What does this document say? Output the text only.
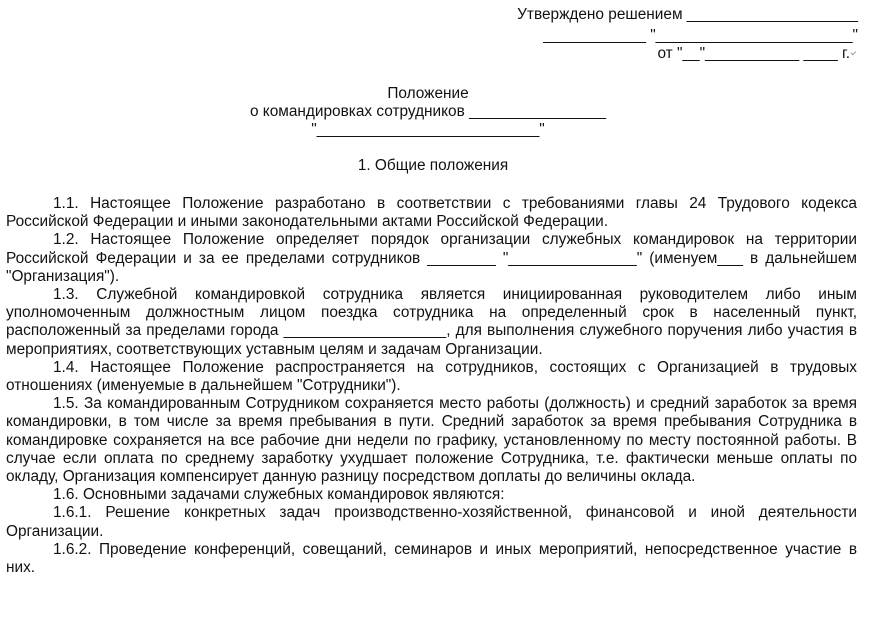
Утверждено решением ____________________
____________ "_______________________"
от "__"___________ ____ г.
Положение
о командировках сотрудников ________________
"__________________________"
1. Общие положения

1.1. Настоящее Положение разработано в соответствии с требованиями главы 24 Трудового кодекса Российской Федерации и иными законодательными актами Российской Федерации.

1.2. Настоящее Положение определяет порядок организации служебных командировок на территории Российской Федерации и за ее пределами сотрудников ________ "_______________" (именуем___ в дальнейшем "Организация").

1.3. Служебной командировкой сотрудника является инициированная руководителем либо иным уполномоченным должностным лицом поездка сотрудника на определенный срок в населенный пункт, расположенный за пределами города ___________________, для выполнения служебного поручения либо участия в мероприятиях, соответствующих уставным целям и задачам Организации.

1.4. Настоящее Положение распространяется на сотрудников, состоящих с Организацией в трудовых отношениях (именуемые в дальнейшем "Сотрудники").

1.5. За командированным Сотрудником сохраняется место работы (должность) и средний заработок за время командировки, в том числе за время пребывания в пути. Средний заработок за время пребывания Сотрудника в командировке сохраняется на все рабочие дни недели по графику, установленному по месту постоянной работы. В случае если оплата по среднему заработку ухудшает положение Сотрудника, т.е. фактически меньше оплаты по окладу, Организация компенсирует данную разницу посредством доплаты до величины оклада.

1.6. Основными задачами служебных командировок являются:

1.6.1. Решение конкретных задач производственно-хозяйственной, финансовой и иной деятельности Организации.

1.6.2. Проведение конференций, совещаний, семинаров и иных мероприятий, непосредственное участие в них.
